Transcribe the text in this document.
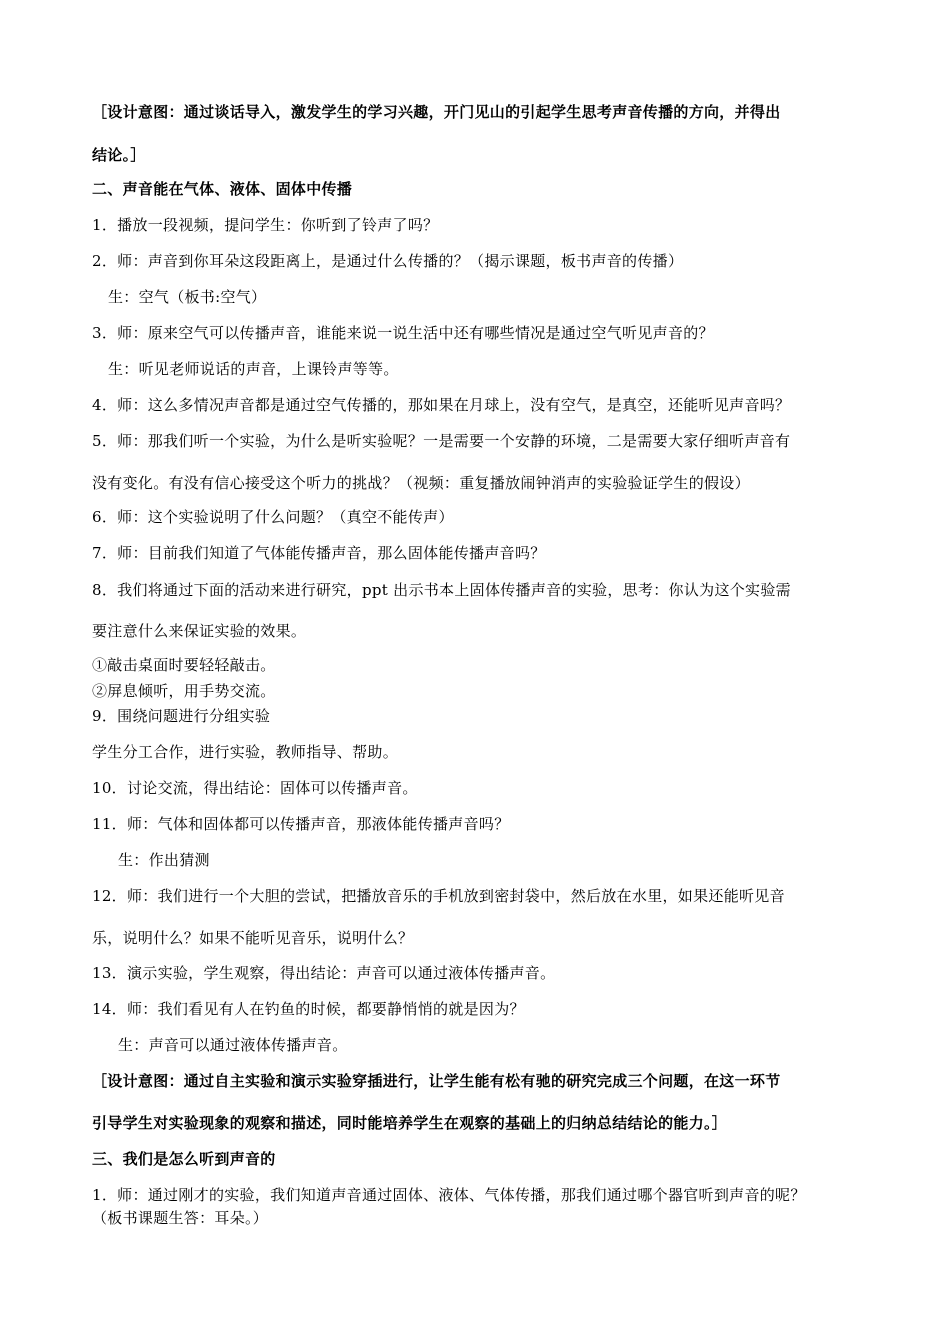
［设计意图：通过谈话导入，激发学生的学习兴趣，开门见山的引起学生思考声音传播的方向，并得出
结论。］
二、声音能在气体、液体、固体中传播
1．播放一段视频，提问学生：你听到了铃声了吗？
2．师：声音到你耳朵这段距离上，是通过什么传播的？（揭示课题，板书声音的传播）
生：空气（板书:空气）
3．师：原来空气可以传播声音，谁能来说一说生活中还有哪些情况是通过空气听见声音的？
生：听见老师说话的声音，上课铃声等等。
4．师：这么多情况声音都是通过空气传播的，那如果在月球上，没有空气，是真空，还能听见声音吗？
5．师：那我们听一个实验，为什么是听实验呢？一是需要一个安静的环境，二是需要大家仔细听声音有
没有变化。有没有信心接受这个听力的挑战？（视频：重复播放闹钟消声的实验验证学生的假设）
6．师：这个实验说明了什么问题？（真空不能传声）
7．师：目前我们知道了气体能传播声音，那么固体能传播声音吗？
8．我们将通过下面的活动来进行研究，ppt 出示书本上固体传播声音的实验，思考：你认为这个实验需
要注意什么来保证实验的效果。
①敲击桌面时要轻轻敲击。
②屏息倾听，用手势交流。
9．围绕问题进行分组实验
学生分工合作，进行实验，教师指导、帮助。
10．讨论交流，得出结论：固体可以传播声音。
11．师：气体和固体都可以传播声音，那液体能传播声音吗？
生：作出猜测
12．师：我们进行一个大胆的尝试，把播放音乐的手机放到密封袋中，然后放在水里，如果还能听见音
乐，说明什么？如果不能听见音乐，说明什么？
13．演示实验，学生观察，得出结论：声音可以通过液体传播声音。
14．师：我们看见有人在钓鱼的时候，都要静悄悄的就是因为？
生：声音可以通过液体传播声音。
［设计意图：通过自主实验和演示实验穿插进行，让学生能有松有驰的研究完成三个问题，在这一环节
引导学生对实验现象的观察和描述，同时能培养学生在观察的基础上的归纳总结结论的能力。］
三、我们是怎么听到声音的
1．师：通过刚才的实验，我们知道声音通过固体、液体、气体传播，那我们通过哪个器官听到声音的呢？
（板书课题生答：耳朵。）
